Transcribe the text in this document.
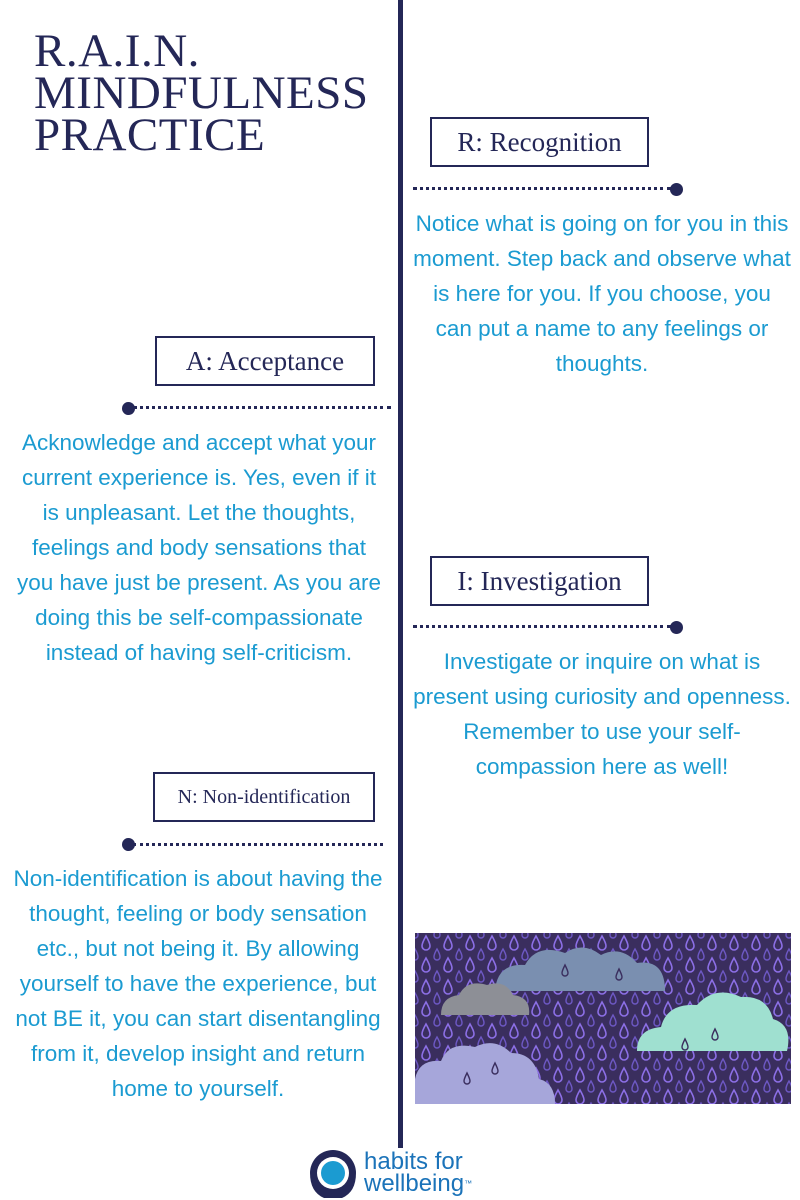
R.A.I.N.
MINDFULNESS
PRACTICE	R: Recognition

Notice what is going on for you in this moment. Step back and observe what is here for you. If you choose, you can put a name to any feelings or thoughts.

A: Acceptance

Acknowledge and accept what your current experience is. Yes, even if it is unpleasant. Let the thoughts, feelings and body sensations that you have just be present. As you are doing this be self-compassionate instead of having self-criticism.

I: Investigation

Investigate or inquire on what is present using curiosity and openness. Remember to use your self-compassion here as well!

N: Non-identification

Non-identification is about having the thought, feeling or body sensation etc., but not being it. By allowing yourself to have the experience, but not BE it, you can start disentangling from it, develop insight and return home to yourself.

habits for
wellbeing™
